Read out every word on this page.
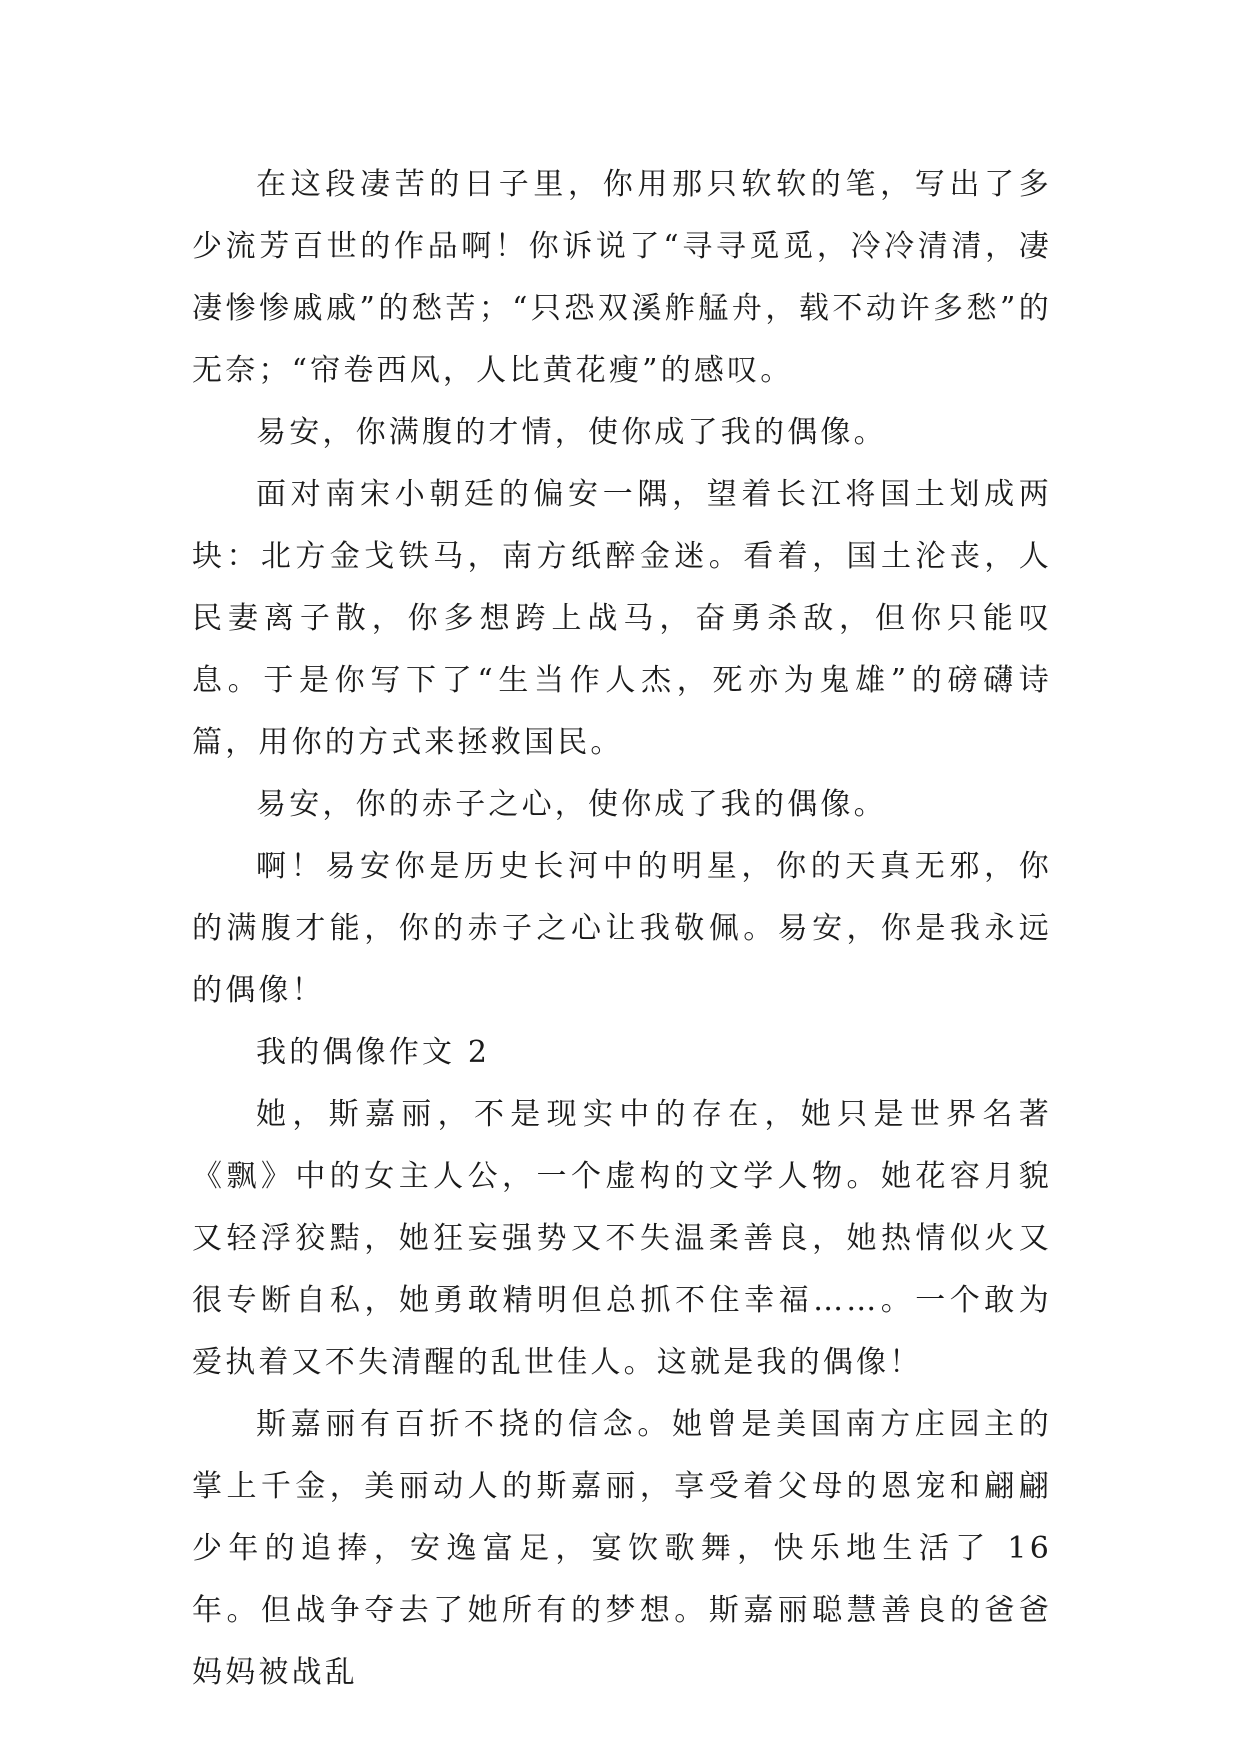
在这段凄苦的日子里，你用那只软软的笔，写出了多少流芳百世的作品啊！你诉说了“寻寻觅觅，冷冷清清，凄凄惨惨戚戚”的愁苦；“只恐双溪舴艋舟，载不动许多愁”的无奈；“帘卷西风，人比黄花瘦”的感叹。

易安，你满腹的才情，使你成了我的偶像。

面对南宋小朝廷的偏安一隅，望着长江将国土划成两块：北方金戈铁马，南方纸醉金迷。看着，国土沦丧，人民妻离子散，你多想跨上战马，奋勇杀敌，但你只能叹息。于是你写下了“生当作人杰，死亦为鬼雄”的磅礴诗篇，用你的方式来拯救国民。

易安，你的赤子之心，使你成了我的偶像。

啊！易安你是历史长河中的明星，你的天真无邪，你的满腹才能，你的赤子之心让我敬佩。易安，你是我永远的偶像！

我的偶像作文 2

她，斯嘉丽，不是现实中的存在，她只是世界名著《飘》中的女主人公，一个虚构的文学人物。她花容月貌又轻浮狡黠，她狂妄强势又不失温柔善良，她热情似火又很专断自私，她勇敢精明但总抓不住幸福……。一个敢为爱执着又不失清醒的乱世佳人。这就是我的偶像！

斯嘉丽有百折不挠的信念。她曾是美国南方庄园主的掌上千金，美丽动人的斯嘉丽，享受着父母的恩宠和翩翩少年的追捧，安逸富足，宴饮歌舞，快乐地生活了 16 年。但战争夺去了她所有的梦想。斯嘉丽聪慧善良的爸爸妈妈被战乱
